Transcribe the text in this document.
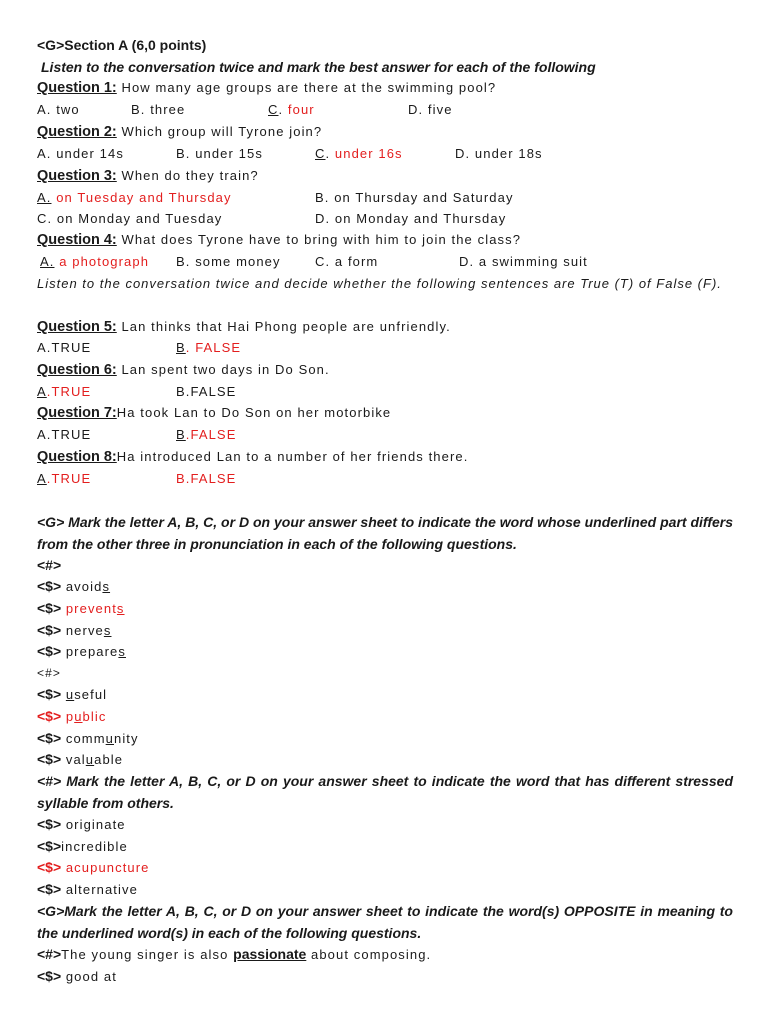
<G>Section A (6,0 points)
Listen to the conversation twice and mark the best answer for each of the following
Question 1: How many age groups are there at the swimming pool?
A. two	B. three	C. four	D. five
Question 2: Which group will Tyrone join?
A. under 14s	B. under 15s	C. under 16s	D. under 18s
Question 3: When do they train?
A. on Tuesday and Thursday	B. on Thursday and Saturday
C. on Monday and Tuesday	D. on Monday and Thursday
Question 4: What does Tyrone have to bring with him to join the class?
A. a photograph B. some money	C. a form	D. a swimming suit
Listen to the conversation twice and decide whether the following sentences are True (T) of False (F).
Question 5: Lan thinks that Hai Phong people are unfriendly.
A.TRUE	B. FALSE
Question 6: Lan spent two days in Do Son.
A.TRUE	B.FALSE
Question 7:Ha took Lan to Do Son on her motorbike
A.TRUE	B.FALSE
Question 8:Ha introduced Lan to a number of her friends there.
A.TRUE	B.FALSE
<G> Mark the letter A, B, C, or D on your answer sheet to indicate the word whose underlined part differs from the other three in pronunciation in each of the following questions.
<#>
<$> avoids
<$> prevents
<$> nerves
<$> prepares
<#>
<$> useful
<$> public
<$> community
<$> valuable
<#> Mark the letter A, B, C, or D on your answer sheet to indicate the word that has different stressed syllable from others.
<$> originate
<$>incredible
<$> acupuncture
<$> alternative
<G>Mark the letter A, B, C, or D on your answer sheet to indicate the word(s) OPPOSITE in meaning to the underlined word(s) in each of the following questions.
<#>The young singer is also passionate about composing.
<$> good at
